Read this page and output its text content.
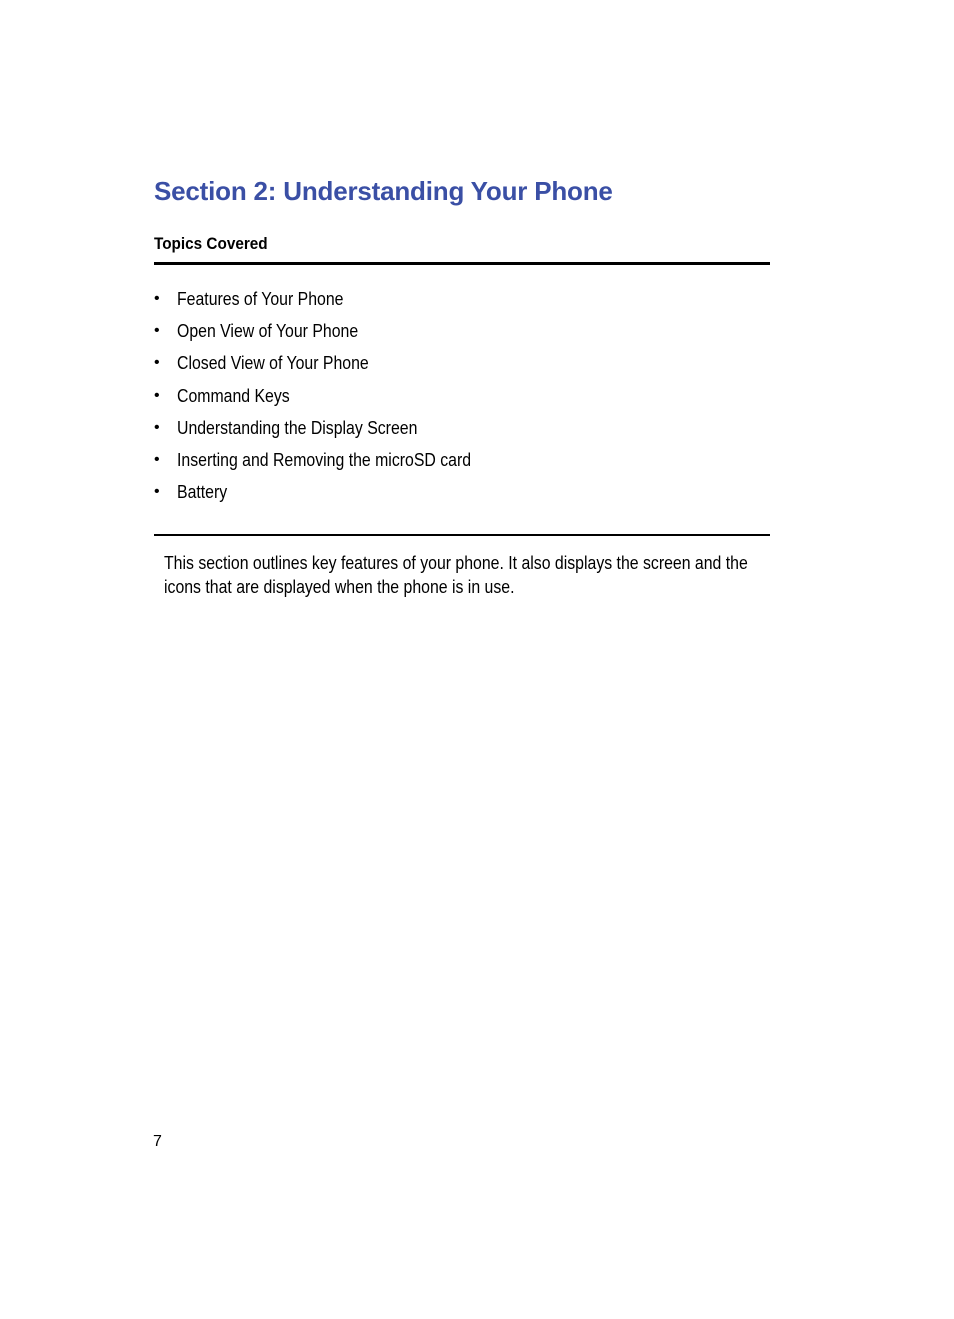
Section 2: Understanding Your Phone
Topics Covered
• Features of Your Phone
• Open View of Your Phone
• Closed View of Your Phone
• Command Keys
• Understanding the Display Screen
• Inserting and Removing the microSD card
• Battery

This section outlines key features of your phone. It also displays the screen and the icons that are displayed when the phone is in use.

7
